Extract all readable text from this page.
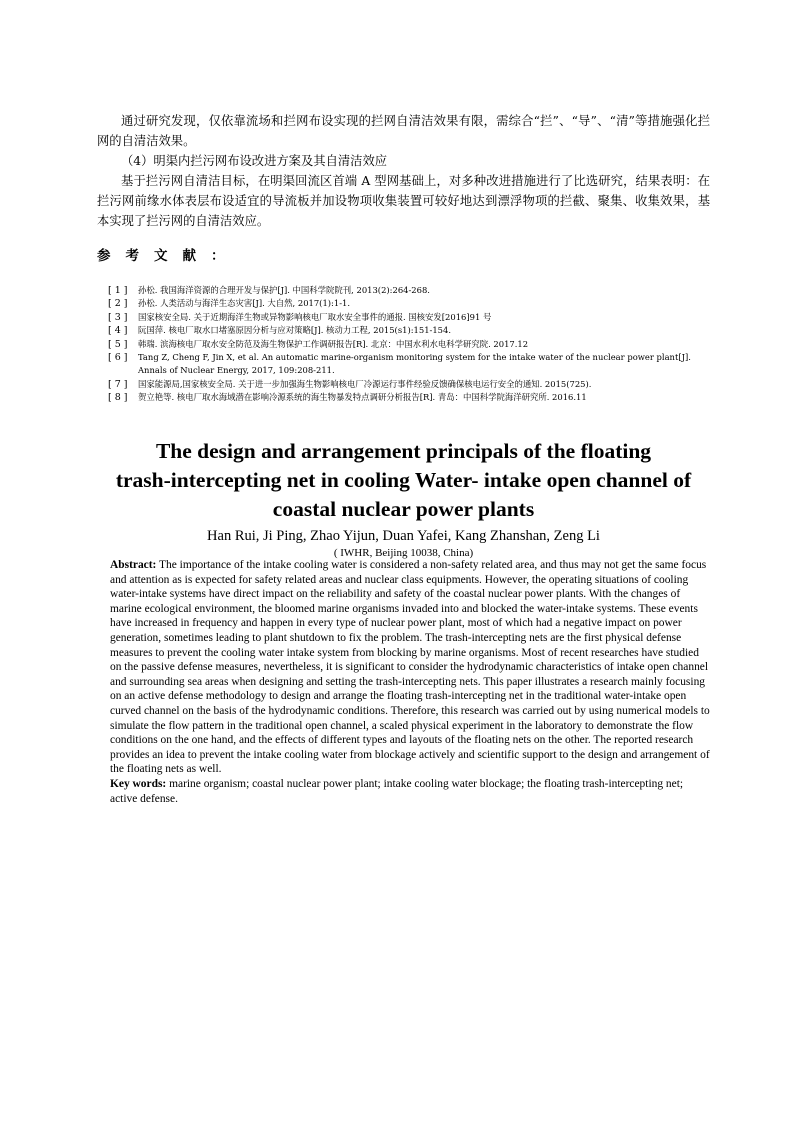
通过研究发现，仅依靠流场和拦网布设实现的拦网自清洁效果有限，需综合“拦”、“导”、“清”等措施强化拦网的自清洁效果。

（4）明渠内拦污网布设改进方案及其自清洁效应

基于拦污网自清洁目标，在明渠回流区首端 A 型网基础上，对多种改进措施进行了比选研究，结果表明：在拦污网前缘水体表层布设适宜的导流板并加设物项收集装置可较好地达到漂浮物项的拦截、聚集、收集效果，基本实现了拦污网的自清洁效应。

参考文献：
[ 1 ]	孙松. 我国海洋资源的合理开发与保护[J]. 中国科学院院刊, 2013(2):264-268.
[ 2 ]	孙松. 人类活动与海洋生态灾害[J]. 大自然, 2017(1):1-1.
[ 3 ]	国家核安全局. 关于近期海洋生物或异物影响核电厂取水安全事件的通报. 国核安发[2016]91 号
[ 4 ]	阮国萍. 核电厂取水口堵塞原因分析与应对策略[J]. 核动力工程, 2015(s1):151-154.
[ 5 ]	韩瑞. 滨海核电厂取水安全防范及海生物保护工作调研报告[R]. 北京：中国水利水电科学研究院. 2017.12
[ 6 ]	Tang Z, Cheng F, Jin X, et al. An automatic marine-organism monitoring system for the intake water of the nuclear power plant[J]. Annals of Nuclear Energy, 2017, 109:208-211.
[ 7 ]	国家能源局,国家核安全局. 关于进一步加强海生物影响核电厂冷源运行事件经验反馈确保核电运行安全的通知. 2015(725).
[ 8 ]	贺立艳等. 核电厂取水海域潜在影响冷源系统的海生物暴发特点调研分析报告[R]. 青岛：中国科学院海洋研究所. 2016.11
The design and arrangement principals of the floating
trash-intercepting net in cooling Water- intake open channel of
coastal nuclear power plants
Han Rui, Ji Ping, Zhao Yijun, Duan Yafei, Kang Zhanshan, Zeng Li
( IWHR, Beijing 10038, China)

Abstract: The importance of the intake cooling water is considered a non-safety related area, and thus may not get the same focus and attention as is expected for safety related areas and nuclear class equipments. However, the operating situations of cooling water-intake systems have direct impact on the reliability and safety of the coastal nuclear power plants. With the changes of marine ecological environment, the bloomed marine organisms invaded into and blocked the water-intake systems. These events have increased in frequency and happen in every type of nuclear power plant, most of which had a negative impact on power generation, sometimes leading to plant shutdown to fix the problem. The trash-intercepting nets are the first physical defense measures to prevent the cooling water intake system from blocking by marine organisms. Most of recent researches have studied on the passive defense measures, nevertheless, it is significant to consider the hydrodynamic characteristics of intake open channel and surrounding sea areas when designing and setting the trash-intercepting nets. This paper illustrates a research mainly focusing on an active defense methodology to design and arrange the floating trash-intercepting net in the traditional water-intake open curved channel on the basis of the hydrodynamic conditions. Therefore, this research was carried out by using numerical models to simulate the flow pattern in the traditional open channel, a scaled physical experiment in the laboratory to demonstrate the flow conditions on the one hand, and the effects of different types and layouts of the floating nets on the other. The reported research provides an idea to prevent the intake cooling water from blockage actively and scientific support to the design and arrangement of the floating nets as well.

Key words: marine organism; coastal nuclear power plant; intake cooling water blockage; the floating trash-intercepting net; active defense.
